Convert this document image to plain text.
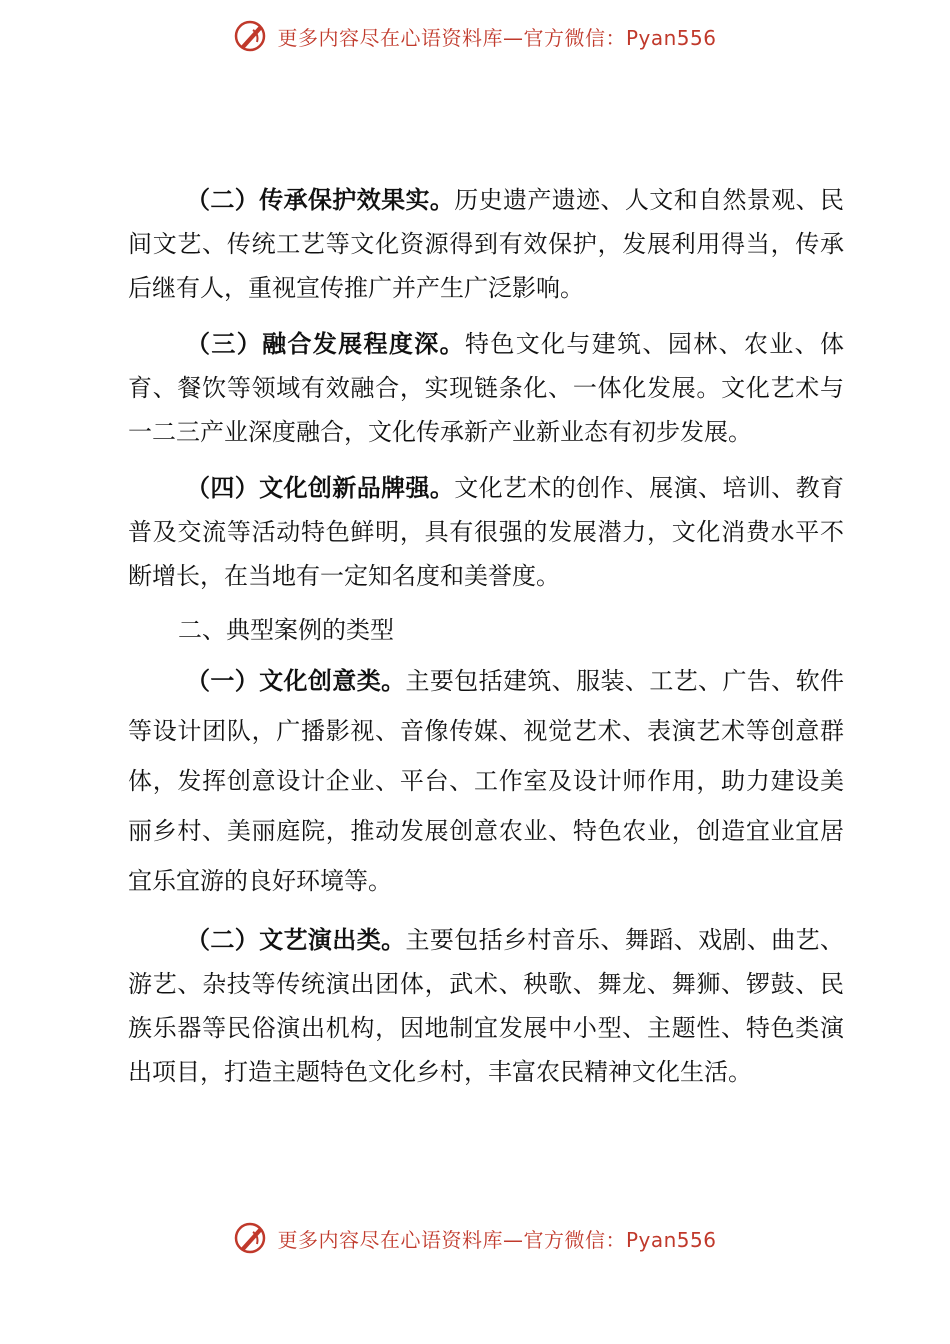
更多内容尽在心语资料库—官方微信：Pyan556

（二）传承保护效果实。历史遗产遗迹、人文和自然景观、民间文艺、传统工艺等文化资源得到有效保护，发展利用得当，传承后继有人，重视宣传推广并产生广泛影响。

（三）融合发展程度深。特色文化与建筑、园林、农业、体育、餐饮等领域有效融合，实现链条化、一体化发展。文化艺术与一二三产业深度融合，文化传承新产业新业态有初步发展。

（四）文化创新品牌强。文化艺术的创作、展演、培训、教育普及交流等活动特色鲜明，具有很强的发展潜力，文化消费水平不断增长，在当地有一定知名度和美誉度。

二、典型案例的类型

（一）文化创意类。主要包括建筑、服装、工艺、广告、软件等设计团队，广播影视、音像传媒、视觉艺术、表演艺术等创意群体，发挥创意设计企业、平台、工作室及设计师作用，助力建设美丽乡村、美丽庭院，推动发展创意农业、特色农业，创造宜业宜居宜乐宜游的良好环境等。

（二）文艺演出类。主要包括乡村音乐、舞蹈、戏剧、曲艺、游艺、杂技等传统演出团体，武术、秧歌、舞龙、舞狮、锣鼓、民族乐器等民俗演出机构，因地制宜发展中小型、主题性、特色类演出项目，打造主题特色文化乡村，丰富农民精神文化生活。

更多内容尽在心语资料库—官方微信：Pyan556
